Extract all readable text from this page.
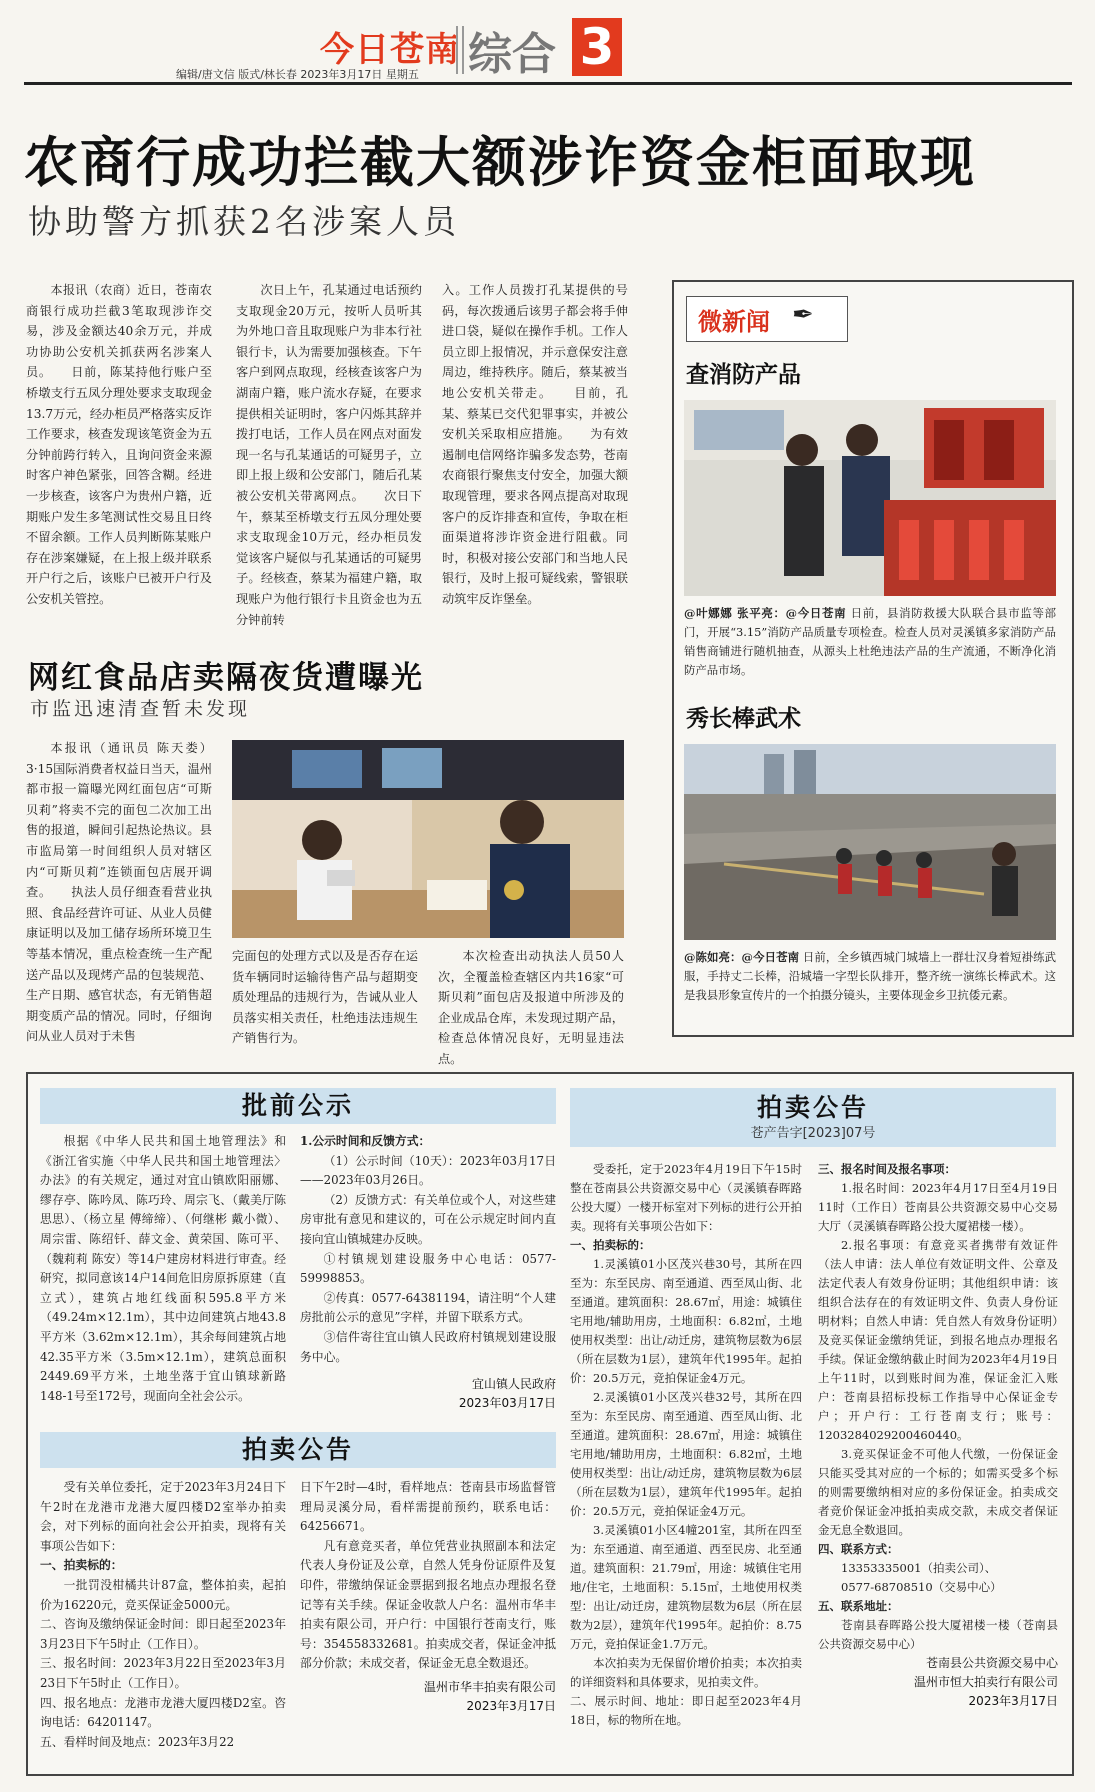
今日苍南 综合 3
编辑/唐文信 版式/林长春 2023年3月17日 星期五
农商行成功拦截大额涉诈资金柜面取现
协助警方抓获2名涉案人员

本报讯（农商）近日，苍南农商银行成功拦截3笔取现涉诈交易，涉及金额达40余万元，并成功协助公安机关抓获两名涉案人员。　　日前，陈某持他行账户至桥墩支行五凤分理处要求支取现金13.7万元，经办柜员严格落实反诈工作要求，核查发现该笔资金为五分钟前跨行转入，且询问资金来源时客户神色紧张，回答含糊。经进一步核查，该客户为贵州户籍，近期账户发生多笔测试性交易且日终不留余额。工作人员判断陈某账户存在涉案嫌疑，在上报上级并联系开户行之后，该账户已被开户行及公安机关管控。

次日上午，孔某通过电话预约支取现金20万元，按听人员听其为外地口音且取现账户为非本行社银行卡，认为需要加强核查。下午客户到网点取现，经核查该客户为湖南户籍，账户流水存疑，在要求提供相关证明时，客户闪烁其辞并拨打电话，工作人员在网点对面发现一名与孔某通话的可疑男子，立即上报上级和公安部门，随后孔某被公安机关带离网点。　　次日下午，蔡某至桥墩支行五凤分理处要求支取现金10万元，经办柜员发觉该客户疑似与孔某通话的可疑男子。经核查，蔡某为福建户籍，取现账户为他行银行卡且资金也为五分钟前转

入。工作人员拨打孔某提供的号码，每次拨通后该男子都会将手伸进口袋，疑似在操作手机。工作人员立即上报情况，并示意保安注意周边，维持秩序。随后，蔡某被当地公安机关带走。　　目前，孔某、蔡某已交代犯罪事实，并被公安机关采取相应措施。　　为有效遏制电信网络诈骗多发态势，苍南农商银行聚焦支付安全，加强大额取现管理，要求各网点提高对取现客户的反诈排查和宣传，争取在柜面渠道将涉诈资金进行阻截。同时，积极对接公安部门和当地人民银行，及时上报可疑线索，警银联动筑牢反诈堡垒。

网红食品店卖隔夜货遭曝光
市监迅速清查暂未发现

本报讯（通讯员 陈天娄）3·15国际消费者权益日当天，温州都市报一篇曝光网红面包店“可斯贝莉”将卖不完的面包二次加工出售的报道，瞬间引起热论热议。县市监局第一时间组织人员对辖区内“可斯贝莉”连锁面包店展开调查。　　执法人员仔细查看营业执照、食品经营许可证、从业人员健康证明以及加工储存场所环境卫生等基本情况，重点检查统一生产配送产品以及现烤产品的包装规范、生产日期、感官状态，有无销售超期变质产品的情况。同时，仔细询问从业人员对于未售

完面包的处理方式以及是否存在运货车辆同时运输待售产品与超期变质处理品的违规行为，告诫从业人员落实相关责任，杜绝违法违规生产销售行为。

本次检查出动执法人员50人次，全覆盖检查辖区内共16家“可斯贝莉”面包店及报道中所涉及的企业成品仓库，未发现过期产品，检查总体情况良好，无明显违法点。

微新闻 ✒
查消防产品
@叶娜娜 张平亮：@今日苍南 日前，县消防救援大队联合县市监等部门，开展“3.15”消防产品质量专项检查。检查人员对灵溪镇多家消防产品销售商铺进行随机抽查，从源头上杜绝违法产品的生产流通，不断净化消防产品市场。
秀长棒武术
@陈如亮：@今日苍南 日前，全乡镇西城门城墙上一群壮汉身着短褂练武服，手持丈二长棒，沿城墙一字型长队排开，整齐统一演练长棒武术。这是我县形象宣传片的一个拍摄分镜头，主要体现金乡卫抗倭元素。
批前公示

根据《中华人民共和国土地管理法》和《浙江省实施〈中华人民共和国土地管理法〉办法》的有关规定，通过对宜山镇欧阳丽娜、缪存亭、陈吟凤、陈巧玲、周宗飞、（戴美厅陈思思）、（杨立星 傅缔缔）、（何继彬 戴小微）、周宗雷、陈绍钎、薛文金、黄荣国、陈可平、（魏莉莉 陈安）等14户建房材料进行审查。经研究，拟同意该14户14间危旧房原拆原建（直立式），建筑占地红线面积595.8平方米（49.24m×12.1m），其中边间建筑占地43.8平方米（3.62m×12.1m），其余每间建筑占地42.35平方米（3.5m×12.1m），建筑总面积2449.69平方米，土地坐落于宜山镇球新路148-1号至172号，现面向全社会公示。

1.公示时间和反馈方式：

（1）公示时间（10天）：2023年03月17日——2023年03月26日。

（2）反馈方式：有关单位或个人，对这些建房审批有意见和建议的，可在公示规定时间内直接向宜山镇城建办反映。

①村镇规划建设服务中心电话：0577-59998853。

②传真：0577-64381194，请注明“个人建房批前公示的意见”字样，并留下联系方式。

③信件寄往宜山镇人民政府村镇规划建设服务中心。

宜山镇人民政府
2023年03月17日
拍卖公告

受有关单位委托，定于2023年3月24日下午2时在龙港市龙港大厦四楼D2室举办拍卖会，对下列标的面向社会公开拍卖，现将有关事项公告如下：

一、拍卖标的：

一批罚没柑橘共计87盒，整体拍卖，起拍价为16220元，竞买保证金5000元。

二、咨询及缴纳保证金时间：即日起至2023年3月23日下午5时止（工作日）。
三、报名时间：2023年3月22日至2023年3月23日下午5时止（工作日）。
四、报名地点：龙港市龙港大厦四楼D2室。咨询电话：64201147。
五、看样时间及地点：2023年3月22

日下午2时—4时，看样地点：苍南县市场监督管理局灵溪分局，看样需提前预约，联系电话：64256671。

凡有意竞买者，单位凭营业执照副本和法定代表人身份证及公章，自然人凭身份证原件及复印件，带缴纳保证金票据到报名地点办理报名登记等有关手续。保证金收款人户名：温州市华丰拍卖有限公司，开户行：中国银行苍南支行，账号：354558332681。拍卖成交者，保证金冲抵部分价款；未成交者，保证金无息全数退还。

温州市华丰拍卖有限公司
2023年3月17日
拍卖公告
苍产告字[2023]07号

受委托，定于2023年4月19日下午15时整在苍南县公共资源交易中心（灵溪镇春晖路公投大厦）一楼开标室对下列标的进行公开拍卖。现将有关事项公告如下：

一、拍卖标的：

1.灵溪镇01小区茂兴巷30号，其所在四至为：东至民房、南至通道、西至凤山街、北至通道。建筑面积：28.67㎡，用途：城镇住宅用地/辅助用房，土地面积：6.82㎡，土地使用权类型：出让/动迁房，建筑物层数为6层（所在层数为1层），建筑年代1995年。起拍价：20.5万元，竞拍保证金4万元。

2.灵溪镇01小区茂兴巷32号，其所在四至为：东至民房、南至通道、西至凤山街、北至通道。建筑面积：28.67㎡，用途：城镇住宅用地/辅助用房，土地面积：6.82㎡，土地使用权类型：出让/动迁房，建筑物层数为6层（所在层数为1层），建筑年代1995年。起拍价：20.5万元，竞拍保证金4万元。

3.灵溪镇01小区4幢201室，其所在四至为：东至通道、南至通道、西至民房、北至通道。建筑面积：21.79㎡，用途：城镇住宅用地/住宅，土地面积：5.15㎡，土地使用权类型：出让/动迁房，建筑物层数为6层（所在层数为2层），建筑年代1995年。起拍价：8.75万元，竞拍保证金1.7万元。

本次拍卖为无保留价增价拍卖；本次拍卖的详细资料和具体要求，见拍卖文件。

二、展示时间、地址：即日起至2023年4月18日，标的物所在地。
三、报名时间及报名事项：

1.报名时间：2023年4月17日至4月19日11时（工作日）苍南县公共资源交易中心交易大厅（灵溪镇春晖路公投大厦裙楼一楼）。

2.报名事项：有意竞买者携带有效证件（法人申请：法人单位有效证明文件、公章及法定代表人有效身份证明；其他组织申请：该组织合法存在的有效证明文件、负责人身份证明材料；自然人申请：凭自然人有效身份证明）及竞买保证金缴纳凭证，到报名地点办理报名手续。保证金缴纳截止时间为2023年4月19日上午11时，以到账时间为准，保证金汇入账户：苍南县招标投标工作指导中心保证金专户；开户行：工行苍南支行；账号：1203284029200460440。

3.竞买保证金不可他人代缴，一份保证金只能买受其对应的一个标的；如需买受多个标的则需要缴纳相对应的多份保证金。拍卖成交者竞价保证金冲抵拍卖成交款，未成交者保证金无息全数退回。

四、联系方式：
13353335001（拍卖公司）、
0577-68708510（交易中心）
五、联系地址：

苍南县春晖路公投大厦裙楼一楼（苍南县公共资源交易中心）

苍南县公共资源交易中心
温州市恒大拍卖行有限公司
2023年3月17日
